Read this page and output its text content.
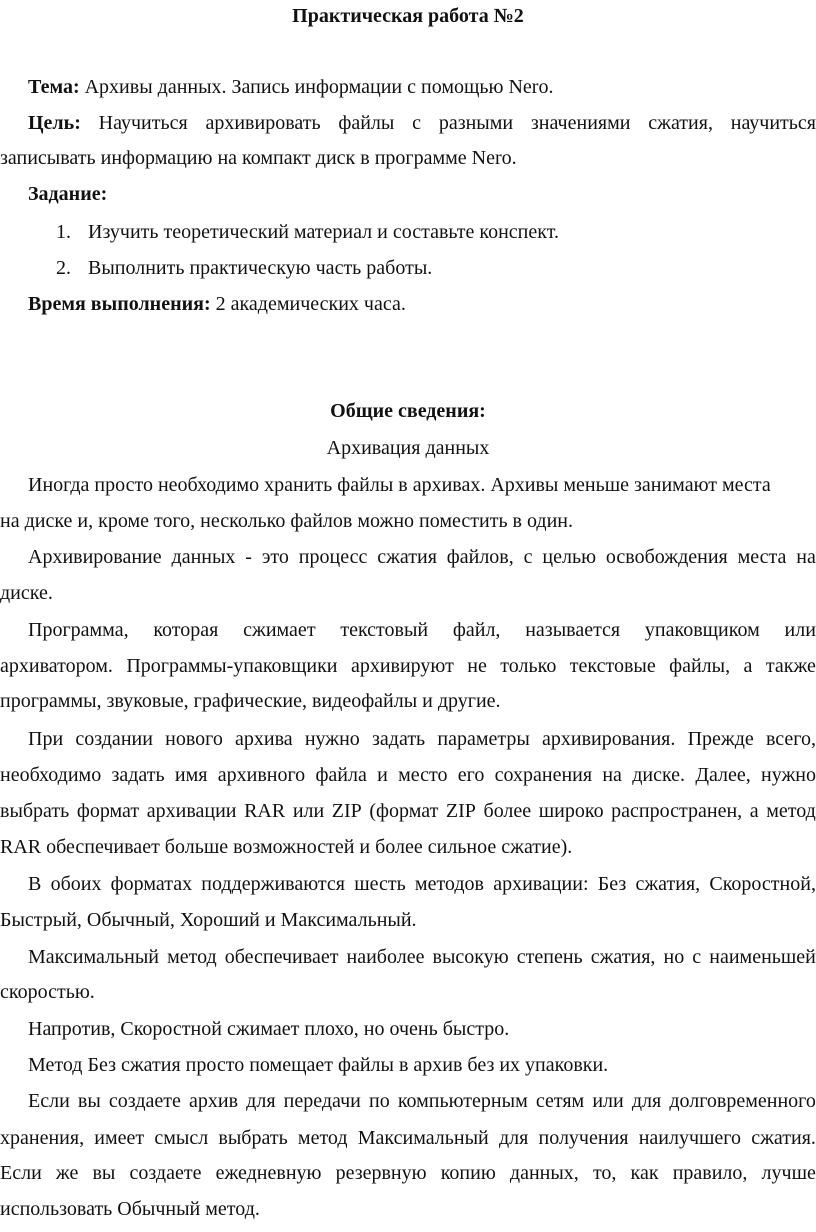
Практическая работа №2
Тема: Архивы данных. Запись информации с помощью Nero.
Цель: Научиться архивировать файлы с разными значениями сжатия, научиться
записывать информацию на компакт диск в программе Nero.
Задание:
1. Изучить теоретический материал и составьте конспект.
2. Выполнить практическую часть работы.
Время выполнения: 2 академических часа.
Общие сведения:
Архивация данных
Иногда просто необходимо хранить файлы в архивах. Архивы меньше занимают места
на диске и, кроме того, несколько файлов можно поместить в один.
Архивирование данных - это процесс сжатия файлов, с целью освобождения места на
диске.
Программа, которая сжимает текстовый файл, называется упаковщиком или
архиватором. Программы-упаковщики архивируют не только текстовые файлы, а также
программы, звуковые, графические, видеофайлы и другие.
При создании нового архива нужно задать параметры архивирования. Прежде всего,
необходимо задать имя архивного файла и место его сохранения на диске. Далее, нужно
выбрать формат архивации RAR или ZIP (формат ZIP более широко распространен, а метод
RAR обеспечивает больше возможностей и более сильное сжатие).
В обоих форматах поддерживаются шесть методов архивации: Без сжатия, Скоростной,
Быстрый, Обычный, Хороший и Максимальный.
Максимальный метод обеспечивает наиболее высокую степень сжатия, но с наименьшей
скоростью.
Напротив, Скоростной сжимает плохо, но очень быстро.
Метод Без сжатия просто помещает файлы в архив без их упаковки.
Если вы создаете архив для передачи по компьютерным сетям или для долговременного
хранения, имеет смысл выбрать метод Максимальный для получения наилучшего сжатия.
Если же вы создаете ежедневную резервную копию данных, то, как правило, лучше
использовать Обычный метод.
